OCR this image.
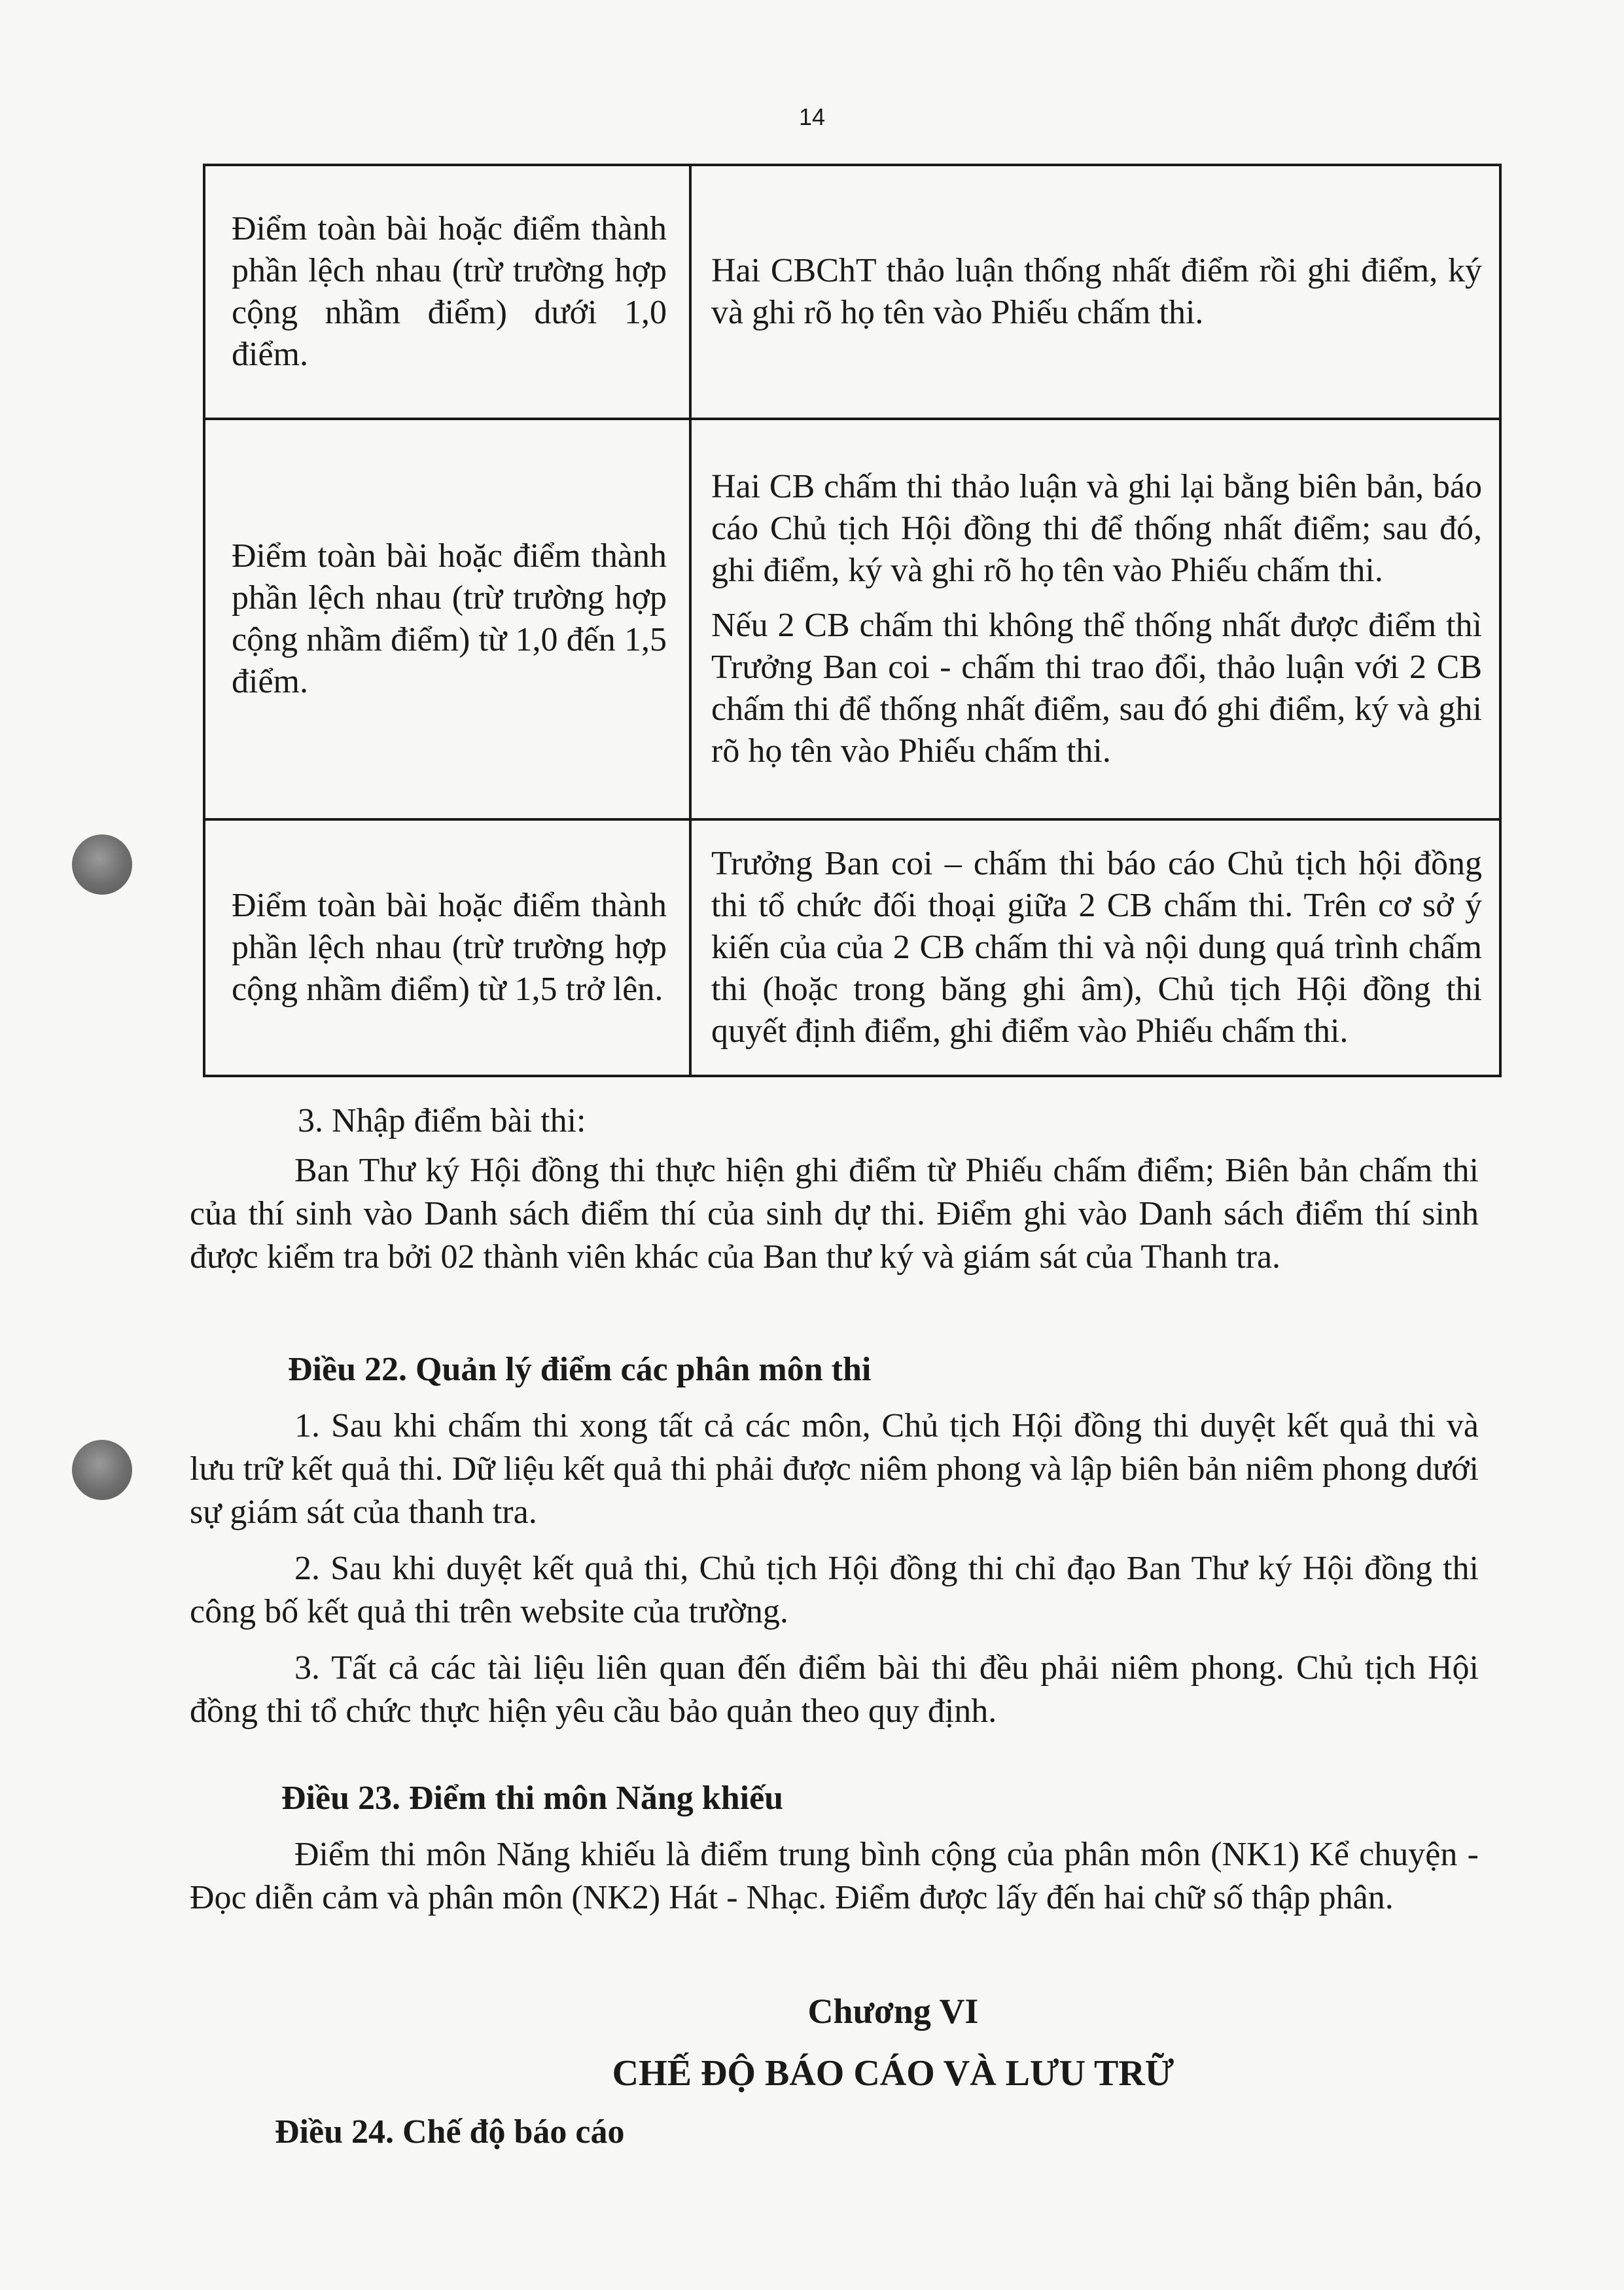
14
Điểm toàn bài hoặc điểm thành phần lệch nhau (trừ trường hợp cộng nhầm điểm) dưới 1,0 điểm.	Hai CBChT thảo luận thống nhất điểm rồi ghi điểm, ký và ghi rõ họ tên vào Phiếu chấm thi.

Điểm toàn bài hoặc điểm thành phần lệch nhau (trừ trường hợp cộng nhầm điểm) từ 1,0 đến 1,5 điểm.	Hai CB chấm thi thảo luận và ghi lại bằng biên bản, báo cáo Chủ tịch Hội đồng thi để thống nhất điểm; sau đó, ghi điểm, ký và ghi rõ họ tên vào Phiếu chấm thi.

Nếu 2 CB chấm thi không thể thống nhất được điểm thì Trưởng Ban coi - chấm thi trao đổi, thảo luận với 2 CB chấm thi để thống nhất điểm, sau đó ghi điểm, ký và ghi rõ họ tên vào Phiếu chấm thi.

Điểm toàn bài hoặc điểm thành phần lệch nhau (trừ trường hợp cộng nhầm điểm) từ 1,5 trở lên.	Trưởng Ban coi – chấm thi báo cáo Chủ tịch hội đồng thi tổ chức đối thoại giữa 2 CB chấm thi. Trên cơ sở ý kiến của của 2 CB chấm thi và nội dung quá trình chấm thi (hoặc trong băng ghi âm), Chủ tịch Hội đồng thi quyết định điểm, ghi điểm vào Phiếu chấm thi.

3. Nhập điểm bài thi:

Ban Thư ký Hội đồng thi thực hiện ghi điểm từ Phiếu chấm điểm; Biên bản chấm thi của thí sinh vào Danh sách điểm thí của sinh dự thi. Điểm ghi vào Danh sách điểm thí sinh được kiểm tra bởi 02 thành viên khác của Ban thư ký và giám sát của Thanh tra.

Điều 22. Quản lý điểm các phân môn thi

1. Sau khi chấm thi xong tất cả các môn, Chủ tịch Hội đồng thi duyệt kết quả thi và lưu trữ kết quả thi. Dữ liệu kết quả thi phải được niêm phong và lập biên bản niêm phong dưới sự giám sát của thanh tra.

2. Sau khi duyệt kết quả thi, Chủ tịch Hội đồng thi chỉ đạo Ban Thư ký Hội đồng thi công bố kết quả thi trên website của trường.

3. Tất cả các tài liệu liên quan đến điểm bài thi đều phải niêm phong. Chủ tịch Hội đồng thi tổ chức thực hiện yêu cầu bảo quản theo quy định.

Điều 23. Điểm thi môn Năng khiếu

Điểm thi môn Năng khiếu là điểm trung bình cộng của phân môn (NK1) Kể chuyện - Đọc diễn cảm và phân môn (NK2) Hát - Nhạc. Điểm được lấy đến hai chữ số thập phân.

Chương VI
CHẾ ĐỘ BÁO CÁO VÀ LƯU TRỮ
Điều 24. Chế độ báo cáo
